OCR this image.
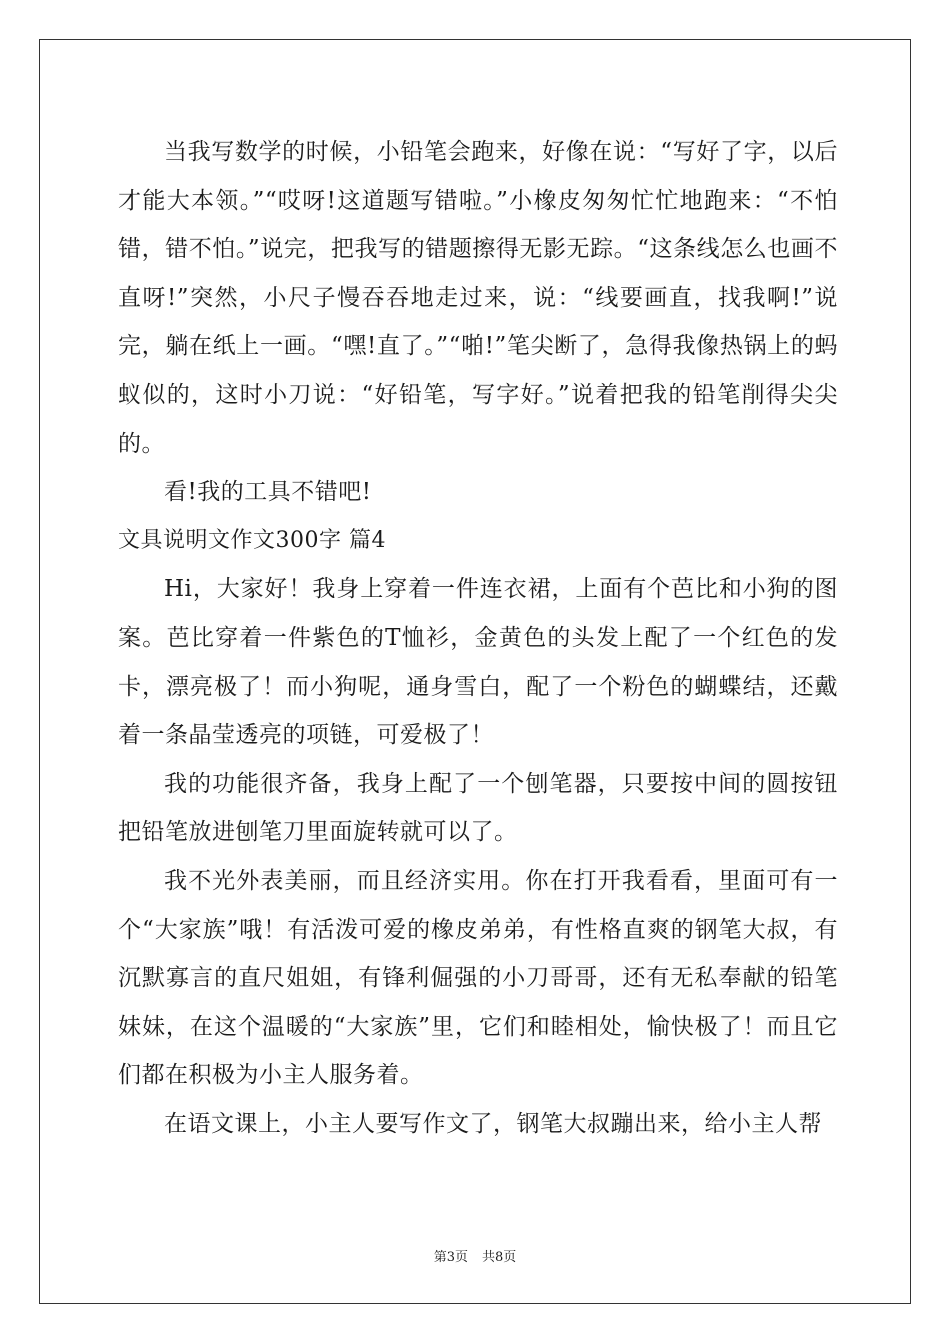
当我写数学的时候，小铅笔会跑来，好像在说：“写好了字，以后才能大本领。”“哎呀!这道题写错啦。”小橡皮匆匆忙忙地跑来：“不怕错，错不怕。”说完，把我写的错题擦得无影无踪。“这条线怎么也画不直呀!”突然，小尺子慢吞吞地走过来，说：“线要画直，找我啊!”说完，躺在纸上一画。“嘿!直了。”“啪!”笔尖断了，急得我像热锅上的蚂蚁似的，这时小刀说：“好铅笔，写字好。”说着把我的铅笔削得尖尖的。

看!我的工具不错吧!

文具说明文作文300字 篇4

Hi，大家好！我身上穿着一件连衣裙，上面有个芭比和小狗的图案。芭比穿着一件紫色的T恤衫，金黄色的头发上配了一个红色的发卡，漂亮极了！而小狗呢，通身雪白，配了一个粉色的蝴蝶结，还戴着一条晶莹透亮的项链，可爱极了！

我的功能很齐备，我身上配了一个刨笔器，只要按中间的圆按钮把铅笔放进刨笔刀里面旋转就可以了。

我不光外表美丽，而且经济实用。你在打开我看看，里面可有一个“大家族”哦！有活泼可爱的橡皮弟弟，有性格直爽的钢笔大叔，有沉默寡言的直尺姐姐，有锋利倔强的小刀哥哥，还有无私奉献的铅笔妹妹，在这个温暖的“大家族”里，它们和睦相处，愉快极了！而且它们都在积极为小主人服务着。

在语文课上，小主人要写作文了，钢笔大叔蹦出来，给小主人帮

第3页 共8页
